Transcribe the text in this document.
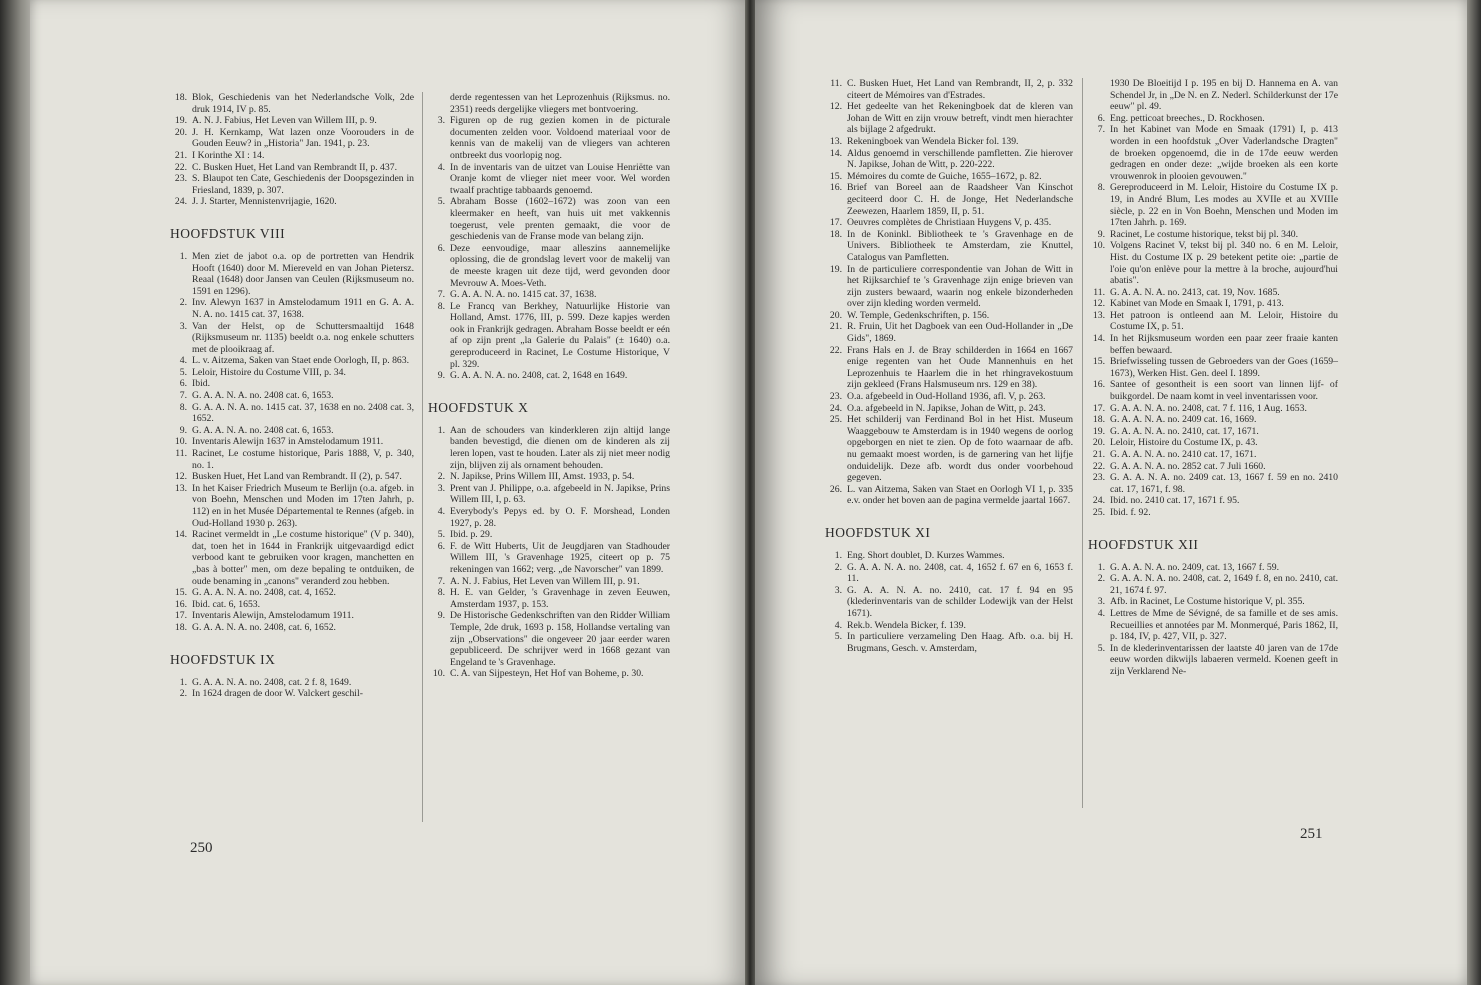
18. Blok, Geschiedenis van het Nederlandsche Volk, 2de druk 1914, IV p. 85.
19. A. N. J. Fabius, Het Leven van Willem III, p. 9.
20. J. H. Kernkamp, Wat lazen onze Voorouders in de Gouden Eeuw? in „Historia" Jan. 1941, p. 23.
21. I Korinthe XI : 14.
22. C. Busken Huet, Het Land van Rembrandt II, p. 437.
23. S. Blaupot ten Cate, Geschiedenis der Doopsgezinden in Friesland, 1839, p. 307.
24. J. J. Starter, Mennistenvrijagie, 1620.
HOOFDSTUK VIII
1. Men ziet de jabot o.a. op de portretten van Hendrik Hooft (1640) door M. Miereveld en van Johan Pietersz. Reaal (1648) door Jansen van Ceulen (Rijksmuseum no. 1591 en 1296).
2. Inv. Alewyn 1637 in Amstelodamum 1911 en G. A. A. N. A. no. 1415 cat. 37, 1638.
3. Van der Helst, op de Schuttersmaaltijd 1648 (Rijksmuseum nr. 1135) beeldt o.a. nog enkele schutters met de plooikraag af.
4. L. v. Aitzema, Saken van Staet ende Oorlogh, II, p. 863.
5. Leloir, Histoire du Costume VIII, p. 34.
6. Ibid.
7. G. A. A. N. A. no. 2408 cat. 6, 1653.
8. G. A. A. N. A. no. 1415 cat. 37, 1638 en no. 2408 cat. 3, 1652.
9. G. A. A. N. A. no. 2408 cat. 6, 1653.
10. Inventaris Alewijn 1637 in Amstelodamum 1911.
11. Racinet, Le costume historique, Paris 1888, V, p. 340, no. 1.
12. Busken Huet, Het Land van Rembrandt. II (2), p. 547.
13. In het Kaiser Friedrich Museum te Berlijn (o.a. afgeb. in von Boehn, Menschen und Moden im 17ten Jahrh, p. 112) en in het Musée Départemental te Rennes (afgeb. in Oud-Holland 1930 p. 263).
14. Racinet vermeldt in „Le costume historique" (V p. 340), dat, toen het in 1644 in Frankrijk uitgevaardigd edict verbood kant te gebruiken voor kragen, manchetten en „bas à botter" men, om deze bepaling te ontduiken, de oude benaming in „canons" veranderd zou hebben.
15. G. A. A. N. A. no. 2408, cat. 4, 1652.
16. Ibid. cat. 6, 1653.
17. Inventaris Alewijn, Amstelodamum 1911.
18. G. A. A. N. A. no. 2408, cat. 6, 1652.
HOOFDSTUK IX
1. G. A. A. N. A. no. 2408, cat. 2 f. 8, 1649.
2. In 1624 dragen de door W. Valckert geschil-
derde regentessen van het Leprozenhuis (Rijksmus. no. 2351) reeds dergelijke vliegers met bontvoering.
3. Figuren op de rug gezien komen in de picturale documenten zelden voor. Voldoend materiaal voor de kennis van de makelij van de vliegers van achteren ontbreekt dus voorlopig nog.
4. In de inventaris van de uitzet van Louise Henriëtte van Oranje komt de vlieger niet meer voor. Wel worden twaalf prachtige tabbaards genoemd.
5. Abraham Bosse (1602–1672) was zoon van een kleermaker en heeft, van huis uit met vakkennis toegerust, vele prenten gemaakt, die voor de geschiedenis van de Franse mode van belang zijn.
6. Deze eenvoudige, maar alleszins aannemelijke oplossing, die de grondslag levert voor de makelij van de meeste kragen uit deze tijd, werd gevonden door Mevrouw A. Moes-Veth.
7. G. A. A. N. A. no. 1415 cat. 37, 1638.
8. Le Francq van Berkhey, Natuurlijke Historie van Holland, Amst. 1776, III, p. 599. Deze kapjes werden ook in Frankrijk gedragen. Abraham Bosse beeldt er eén af op zijn prent „la Galerie du Palais" (± 1640) o.a. gereproduceerd in Racinet, Le Costume Historique, V pl. 329.
9. G. A. A. N. A. no. 2408, cat. 2, 1648 en 1649.
HOOFDSTUK X
1. Aan de schouders van kinderkleren zijn altijd lange banden bevestigd, die dienen om de kinderen als zij leren lopen, vast te houden. Later als zij niet meer nodig zijn, blijven zij als ornament behouden.
2. N. Japikse, Prins Willem III, Amst. 1933, p. 54.
3. Prent van J. Philippe, o.a. afgebeeld in N. Japikse, Prins Willem III, I, p. 63.
4. Everybody's Pepys ed. by O. F. Morshead, Londen 1927, p. 28.
5. Ibid. p. 29.
6. F. de Witt Huberts, Uit de Jeugdjaren van Stadhouder Willem III, 's Gravenhage 1925, citeert op p. 75 rekeningen van 1662; verg. „de Navorscher" van 1899.
7. A. N. J. Fabius, Het Leven van Willem III, p. 91.
8. H. E. van Gelder, 's Gravenhage in zeven Eeuwen, Amsterdam 1937, p. 153.
9. De Historische Gedenkschriften van den Ridder William Temple, 2de druk, 1693 p. 158, Hollandse vertaling van zijn „Observations" die ongeveer 20 jaar eerder waren gepubliceerd. De schrijver werd in 1668 gezant van Engeland te 's Gravenhage.
10. C. A. van Sijpesteyn, Het Hof van Boheme, p. 30.
250
11. C. Busken Huet, Het Land van Rembrandt, II, 2, p. 332 citeert de Mémoires van d'Estrades.
12. Het gedeelte van het Rekeningboek dat de kleren van Johan de Witt en zijn vrouw betreft, vindt men hierachter als bijlage 2 afgedrukt.
13. Rekeningboek van Wendela Bicker fol. 139.
14. Aldus genoemd in verschillende pamfletten. Zie hierover N. Japikse, Johan de Witt, p. 220-222.
15. Mémoires du comte de Guiche, 1655–1672, p. 82.
16. Brief van Boreel aan de Raadsheer Van Kinschot geciteerd door C. H. de Jonge, Het Nederlandsche Zeewezen, Haarlem 1859, II, p. 51.
17. Oeuvres complètes de Christiaan Huygens V, p. 435.
18. In de Koninkl. Bibliotheek te 's Gravenhage en de Univers. Bibliotheek te Amsterdam, zie Knuttel, Catalogus van Pamfletten.
19. In de particuliere correspondentie van Johan de Witt in het Rijksarchief te 's Gravenhage zijn enige brieven van zijn zusters bewaard, waarin nog enkele bizonderheden over zijn kleding worden vermeld.
20. W. Temple, Gedenkschriften, p. 156.
21. R. Fruin, Uit het Dagboek van een Oud-Hollander in „De Gids", 1869.
22. Frans Hals en J. de Bray schilderden in 1664 en 1667 enige regenten van het Oude Mannenhuis en het Leprozenhuis te Haarlem die in het rhingravekostuum zijn gekleed (Frans Halsmuseum nrs. 129 en 38).
23. O.a. afgebeeld in Oud-Holland 1936, afl. V, p. 263.
24. O.a. afgebeeld in N. Japikse, Johan de Witt, p. 243.
25. Het schilderij van Ferdinand Bol in het Hist. Museum Waaggebouw te Amsterdam is in 1940 wegens de oorlog opgeborgen en niet te zien. Op de foto waarnaar de afb. nu gemaakt moest worden, is de garnering van het lijfje onduidelijk. Deze afb. wordt dus onder voorbehoud gegeven.
26. L. van Aitzema, Saken van Staet en Oorlogh VI 1, p. 335 e.v. onder het boven aan de pagina vermelde jaartal 1667.
HOOFDSTUK XI
1. Eng. Short doublet, D. Kurzes Wammes.
2. G. A. A. N. A. no. 2408, cat. 4, 1652 f. 67 en 6, 1653 f. 11.
3. G. A. A. N. A. no. 2410, cat. 17 f. 94 en 95 (klederinventaris van de schilder Lodewijk van der Helst 1671).
4. Rek.b. Wendela Bicker, f. 139.
5. In particuliere verzameling Den Haag. Afb. o.a. bij H. Brugmans, Gesch. v. Amsterdam,
1930 De Bloeitijd I p. 195 en bij D. Hannema en A. van Schendel Jr, in „De N. en Z. Nederl. Schilderkunst der 17e eeuw" pl. 49.
6. Eng. petticoat breeches., D. Rockhosen.
7. In het Kabinet van Mode en Smaak (1791) I, p. 413 worden in een hoofdstuk „Over Vaderlandsche Dragten" de broeken opgenoemd, die in de 17de eeuw werden gedragen en onder deze: „wijde broeken als een korte vrouwenrok in plooien gevouwen."
8. Gereproduceerd in M. Leloir, Histoire du Costume IX p. 19, in André Blum, Les modes au XVIIe et au XVIIIe siècle, p. 22 en in Von Boehn, Menschen und Moden im 17ten Jahrh. p. 169.
9. Racinet, Le costume historique, tekst bij pl. 340.
10. Volgens Racinet V, tekst bij pl. 340 no. 6 en M. Leloir, Hist. du Costume IX p. 29 betekent petite oie: „partie de l'oie qu'on enlève pour la mettre à la broche, aujourd'hui abatis".
11. G. A. A. N. A. no. 2413, cat. 19, Nov. 1685.
12. Kabinet van Mode en Smaak I, 1791, p. 413.
13. Het patroon is ontleend aan M. Leloir, Histoire du Costume IX, p. 51.
14. In het Rijksmuseum worden een paar zeer fraaie kanten beffen bewaard.
15. Briefwisseling tussen de Gebroeders van der Goes (1659–1673), Werken Hist. Gen. deel I. 1899.
16. Santee of gesontheit is een soort van linnen lijf- of buikgordel. De naam komt in veel inventarissen voor.
17. G. A. A. N. A. no. 2408, cat. 7 f. 116, 1 Aug. 1653.
18. G. A. A. N. A. no. 2409 cat. 16, 1669.
19. G. A. A. N. A. no. 2410, cat. 17, 1671.
20. Leloir, Histoire du Costume IX, p. 43.
21. G. A. A. N. A. no. 2410 cat. 17, 1671.
22. G. A. A. N. A. no. 2852 cat. 7 Juli 1660.
23. G. A. A. N. A. no. 2409 cat. 13, 1667 f. 59 en no. 2410 cat. 17, 1671, f. 98.
24. Ibid. no. 2410 cat. 17, 1671 f. 95.
25. Ibid. f. 92.
HOOFDSTUK XII
1. G. A. A. N. A. no. 2409, cat. 13, 1667 f. 59.
2. G. A. A. N. A. no. 2408, cat. 2, 1649 f. 8, en no. 2410, cat. 21, 1674 f. 97.
3. Afb. in Racinet, Le Costume historique V, pl. 355.
4. Lettres de Mme de Sévigné, de sa famille et de ses amis. Recueillies et annotées par M. Monmerqué, Paris 1862, II, p. 184, IV, p. 427, VII, p. 327.
5. In de klederinventarissen der laatste 40 jaren van de 17de eeuw worden dikwijls labaeren vermeld. Koenen geeft in zijn Verklarend Ne-
251
